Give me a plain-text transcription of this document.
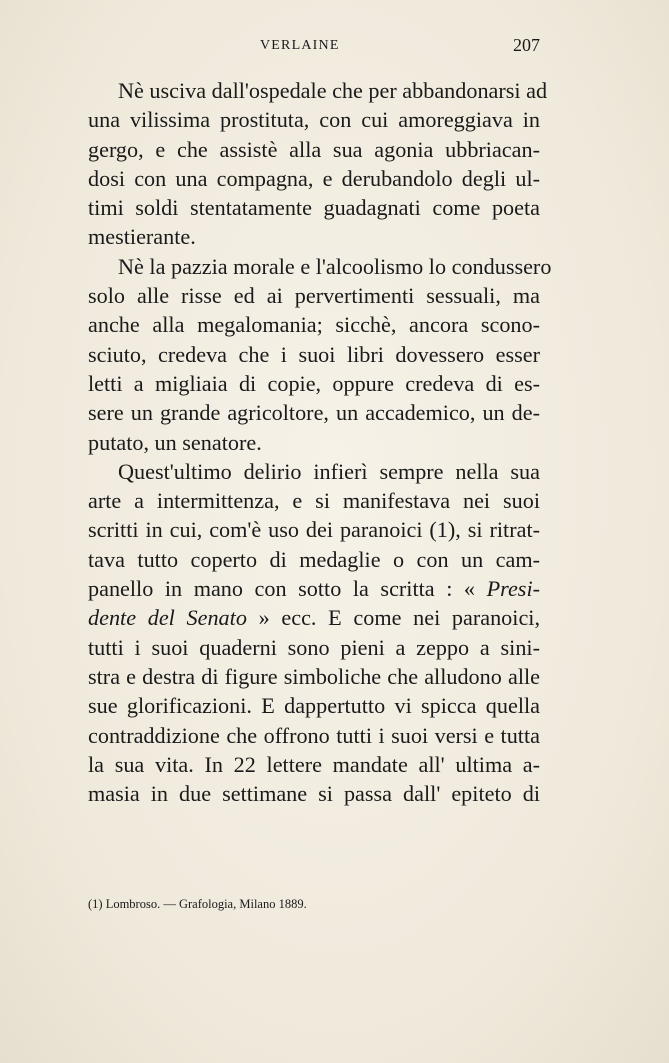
VERLAINE	207

Nè usciva dall'ospedale che per abbandonarsi ad
una vilissima prostituta, con cui amoreggiava in
gergo, e che assistè alla sua agonia ubbriacan-
dosi con una compagna, e derubandolo degli ul-
timi soldi stentatamente guadagnati come poeta
mestierante.

Nè la pazzia morale e l'alcoolismo lo condussero
solo alle risse ed ai pervertimenti sessuali, ma
anche alla megalomania; sicchè, ancora scono-
sciuto, credeva che i suoi libri dovessero esser
letti a migliaia di copie, oppure credeva di es-
sere un grande agricoltore, un accademico, un de-
putato, un senatore.

Quest'ultimo delirio infierì sempre nella sua
arte a intermittenza, e si manifestava nei suoi
scritti in cui, com'è uso dei paranoici (1), si ritrat-
tava tutto coperto di medaglie o con un cam-
panello in mano con sotto la scritta : « Presi-
dente del Senato » ecc. E come nei paranoici,
tutti i suoi quaderni sono pieni a zeppo a sini-
stra e destra di figure simboliche che alludono alle
sue glorificazioni. E dappertutto vi spicca quella
contraddizione che offrono tutti i suoi versi e tutta
la sua vita. In 22 lettere mandate all' ultima a-
masia in due settimane si passa dall' epiteto di

(1) Lombroso. — Grafologia, Milano 1889.
